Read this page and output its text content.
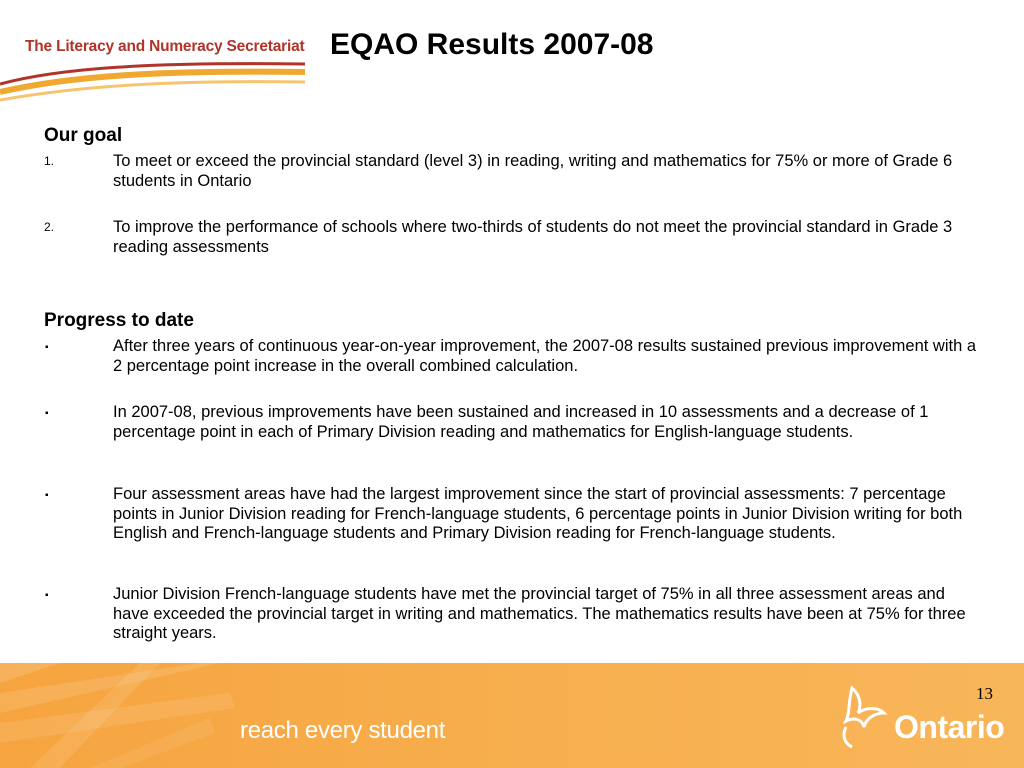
The Literacy and Numeracy Secretariat EQAO Results 2007-08
Our goal
1.	To meet or exceed the provincial standard (level 3) in reading, writing and mathematics for 75% or more of Grade 6 students in Ontario
2.	To improve the performance of schools where two-thirds of students do not meet the provincial standard in Grade 3 reading assessments
Progress to date
▪	After three years of continuous year-on-year improvement, the 2007-08 results sustained previous improvement with a 2 percentage point increase in the overall combined calculation.
▪	In 2007-08, previous improvements have been sustained and increased in 10 assessments and a decrease of 1 percentage point in each of Primary Division reading and mathematics for English-language students.
▪	Four assessment areas have had the largest improvement since the start of provincial assessments: 7 percentage points in Junior Division reading for French-language students, 6 percentage points in Junior Division writing for both English and French-language students and Primary Division reading for French-language students.
▪	Junior Division French-language students have met the provincial target of 75% in all three assessment areas and have exceeded the provincial target in writing and mathematics. The mathematics results have been at 75% for three straight years.
reach every student
13
Ontario
